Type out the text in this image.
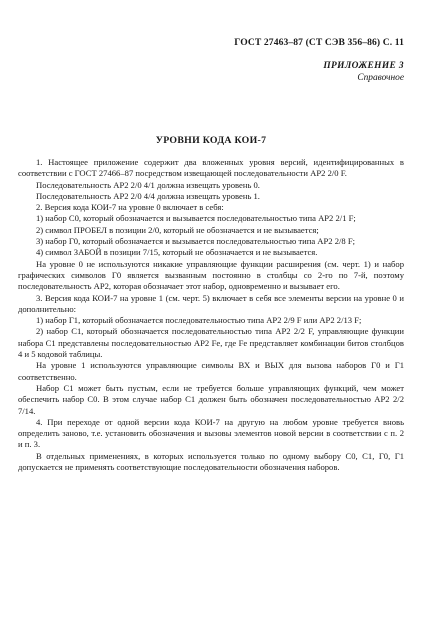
ГОСТ 27463–87 (СТ СЭВ 356–86) С. 11
ПРИЛОЖЕНИЕ 3
Справочное
УРОВНИ КОДА КОИ-7

1. Настоящее приложение содержит два вложенных уровня версий, идентифицированных в соответствии с ГОСТ 27466–87 посредством извещающей последовательности АР2 2/0 F.

Последовательность АР2 2/0 4/1 должна извещать уровень 0.

Последовательность АР2 2/0 4/4 должна извещать уровень 1.

2. Версия кода КОИ-7 на уровне 0 включает в себя:

1) набор С0, который обозначается и вызывается последовательностью типа АР2 2/1 F;

2) символ ПРОБЕЛ в позиции 2/0, который не обозначается и не вызывается;

3) набор Г0, который обозначается и вызывается последовательностью типа АР2 2/8 F;

4) символ ЗАБОЙ в позиции 7/15, который не обозначается и не вызывается.

На уровне 0 не используются никакие управляющие функции расширения (см. черт. 1) и набор графических символов Г0 является вызванным постоянно в столбцы со 2-го по 7-й, поэтому последовательность АР2, которая обозначает этот набор, одновременно и вызывает его.

3. Версия кода КОИ-7 на уровне 1 (см. черт. 5) включает в себя все элементы версии на уровне 0 и дополнительно:

1) набор Г1, который обозначается последовательностью типа АР2 2/9 F или АР2 2/13 F;

2) набор С1, который обозначается последовательностью типа АР2 2/2 F, управляющие функции набора С1 представлены последовательностью АР2 Fe, где Fe представляет комбинации битов столбцов 4 и 5 кодовой таблицы.

На уровне 1 используются управляющие символы ВХ и ВЫХ для вызова наборов Г0 и Г1 соответственно.

Набор С1 может быть пустым, если не требуется больше управляющих функций, чем может обеспечить набор С0. В этом случае набор С1 должен быть обозначен последовательностью АР2 2/2 7/14.

4. При переходе от одной версии кода КОИ-7 на другую на любом уровне требуется вновь определить заново, т.е. установить обозначения и вызовы элементов новой версии в соответствии с п. 2 и п. 3.

В отдельных применениях, в которых используется только по одному выбору С0, С1, Г0, Г1 допускается не применять соответствующие последовательности обозначения наборов.
